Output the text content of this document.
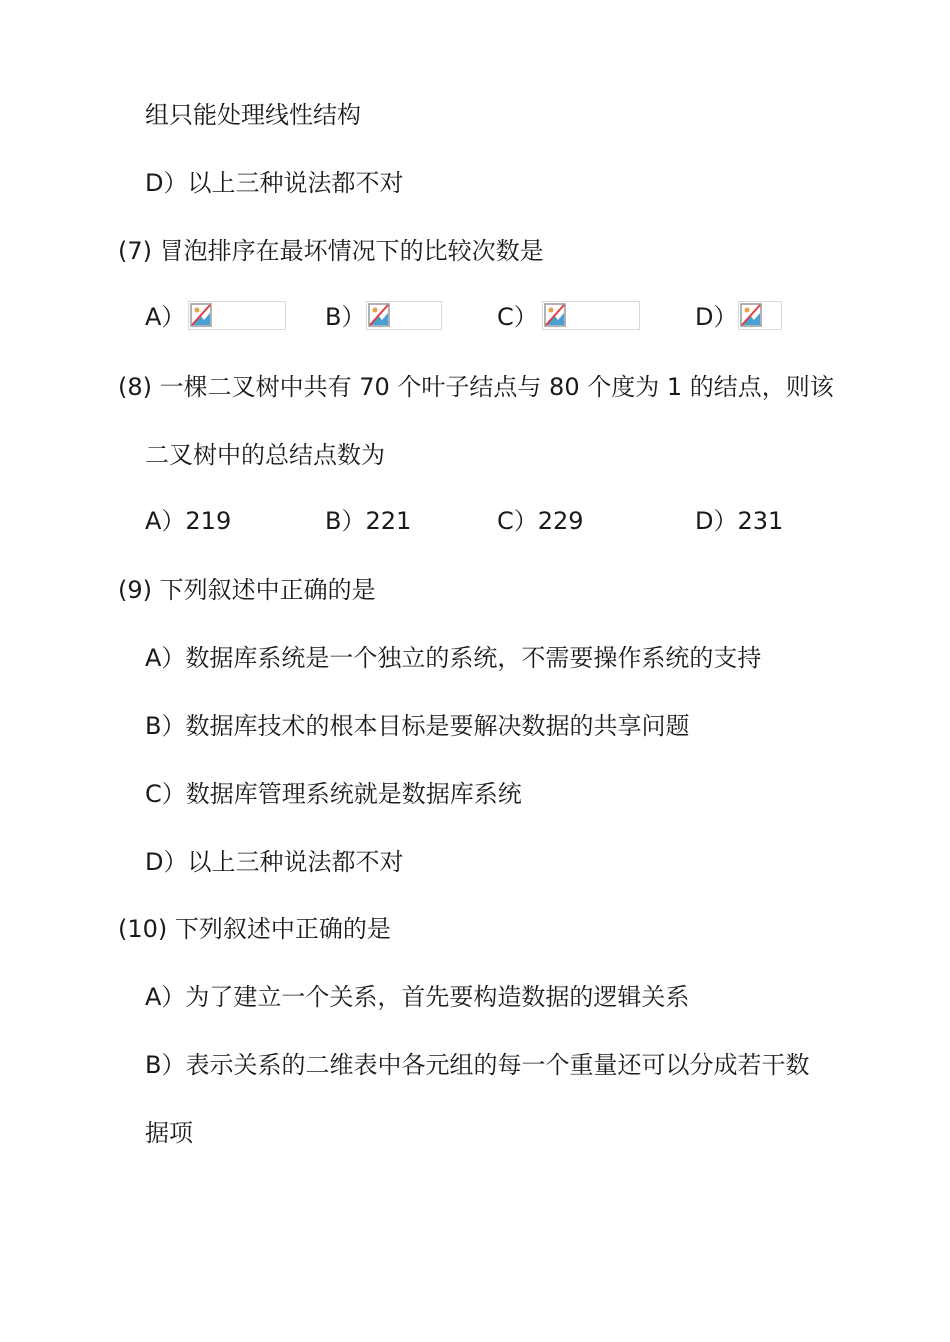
组只能处理线性结构
D）以上三种说法都不对
(7) 冒泡排序在最坏情况下的比较次数是
A）	B）	C）	D）
(8) 一棵二叉树中共有 70 个叶子结点与 80 个度为 1 的结点，则该
二叉树中的总结点数为
A）219	B）221	C）229	D）231
(9) 下列叙述中正确的是
A）数据库系统是一个独立的系统，不需要操作系统的支持
B）数据库技术的根本目标是要解决数据的共享问题
C）数据库管理系统就是数据库系统
D）以上三种说法都不对
(10) 下列叙述中正确的是
A）为了建立一个关系，首先要构造数据的逻辑关系
B）表示关系的二维表中各元组的每一个重量还可以分成若干数
据项
